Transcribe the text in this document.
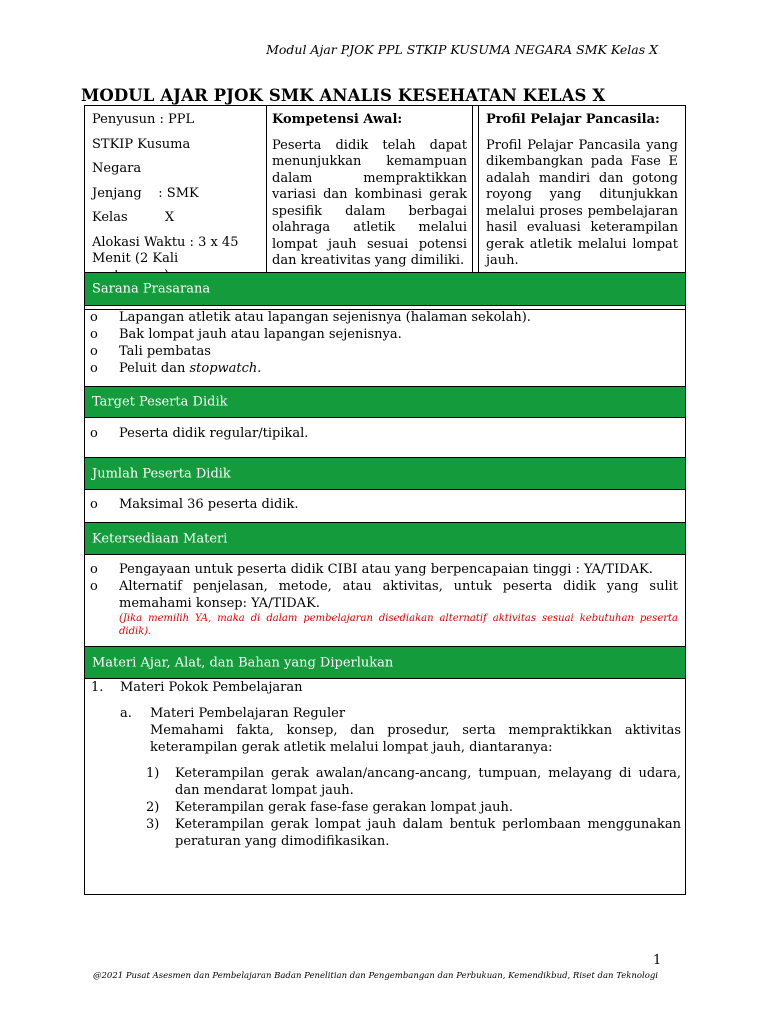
Modul Ajar PJOK PPL STKIP KUSUMA NEGARA SMK Kelas X
MODUL AJAR PJOK SMK ANALIS KESEHATAN KELAS X

Penyusun : PPL

STKIP Kusuma

Negara

Jenjang    : SMK

Kelas         X

Alokasi Waktu : 3 x 45 Menit (2 Kali

Kompetensi Awal:
Peserta didik telah dapat menunjukkan kemampuan dalam mempraktikkan variasi dan kombinasi gerak spesifik dalam berbagai olahraga atletik melalui lompat jauh sesuai potensi dan kreativitas yang dimiliki.
Profil Pelajar Pancasila:
Profil Pelajar Pancasila yang dikembangkan pada Fase E adalah mandiri dan gotong royong yang ditunjukkan melalui proses pembelajaran hasil evaluasi keterampilan gerak atletik melalui lompat jauh.
Sarana Prasarana
o Lapangan atletik atau lapangan sejenisnya (halaman sekolah).
o Bak lompat jauh atau lapangan sejenisnya.
o Tali pembatas
o Peluit dan stopwatch.
Target Peserta Didik
o Peserta didik regular/tipikal.
Jumlah Peserta Didik
o Maksimal 36 peserta didik.
Ketersediaan Materi
o Pengayaan untuk peserta didik CIBI atau yang berpencapaian tinggi : YA/TIDAK.
o Alternatif penjelasan, metode, atau aktivitas, untuk peserta didik yang sulit memahami konsep: YA/TIDAK.
(Jika memilih YA, maka di dalam pembelajaran disediakan alternatif aktivitas sesuai kebutuhan peserta didik).
Materi Ajar, Alat, dan Bahan yang Diperlukan
1. Materi Pokok Pembelajaran
a. Materi Pembelajaran Reguler
Memahami fakta, konsep, dan prosedur, serta mempraktikkan aktivitas keterampilan gerak atletik melalui lompat jauh, diantaranya:
1) Keterampilan gerak awalan/ancang-ancang, tumpuan, melayang di udara, dan mendarat lompat jauh.
2) Keterampilan gerak fase-fase gerakan lompat jauh.
3) Keterampilan gerak lompat jauh dalam bentuk perlombaan menggunakan peraturan yang dimodifikasikan.
1
@2021 Pusat Asesmen dan Pembelajaran Badan Penelitian dan Pengembangan dan Perbukuan, Kemendikbud, Riset dan Teknologi
